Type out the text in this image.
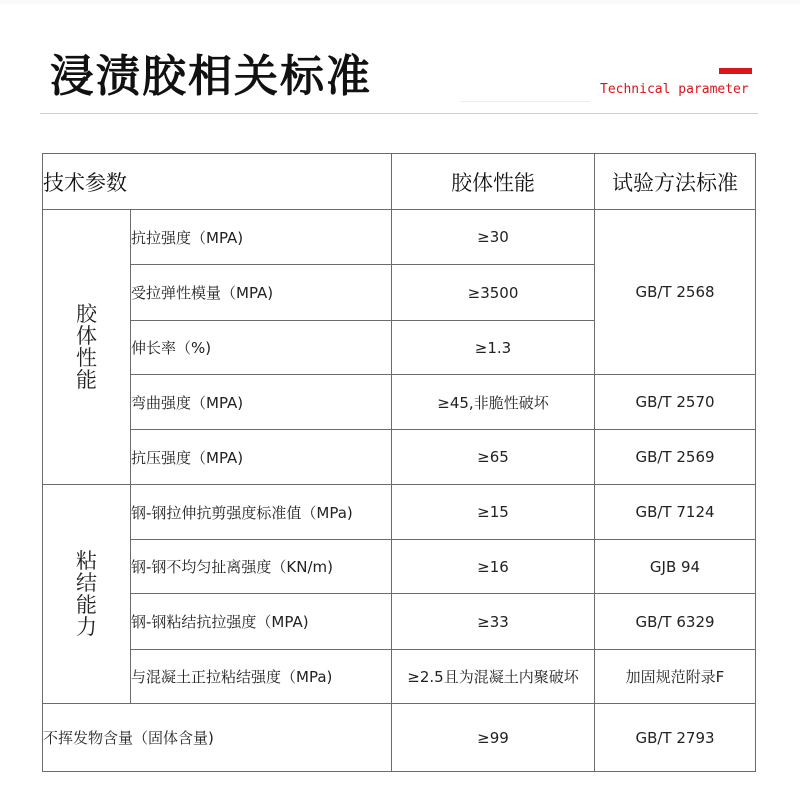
浸渍胶相关标准	Technical parameter
技术参数		胶体性能	试验方法标准
胶体性能	抗拉强度（MPA)	≥30	GB/T 2568
	受拉弹性模量（MPA)	≥3500	
	伸长率（%)	≥1.3	
	弯曲强度（MPA)	≥45,非脆性破坏	GB/T 2570
	抗压强度（MPA)	≥65	GB/T 2569
粘结能力	钢-钢拉伸抗剪强度标准值（MPa)	≥15	GB/T 7124
	钢-钢不均匀扯离强度（KN/m)	≥16	GJB 94
	钢-钢粘结抗拉强度（MPA)	≥33	GB/T 6329
	与混凝土正拉粘结强度（MPa)	≥2.5且为混凝土内聚破坏	加固规范附录F
不挥发物含量（固体含量)		≥99	GB/T 2793
